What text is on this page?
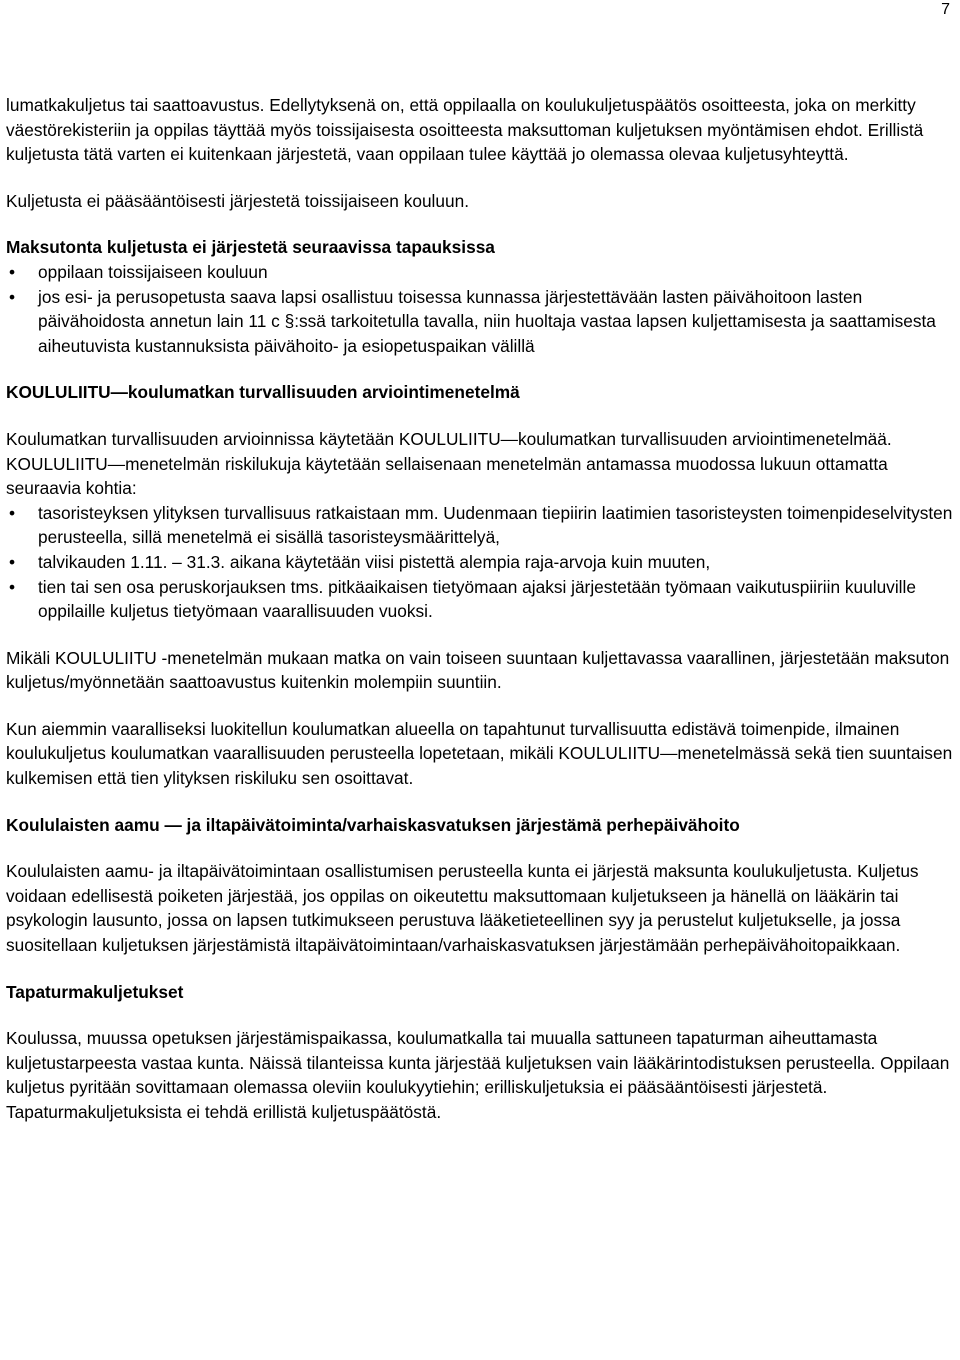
7

lumatkakuljetus tai saattoavustus. Edellytyksenä on, että oppilaalla on koulukuljetuspäätös osoitteesta, joka on merkitty väestörekisteriin ja oppilas täyttää myös toissijaisesta osoitteesta maksuttoman kuljetuksen myöntämisen ehdot. Erillistä kuljetusta tätä varten ei kuitenkaan järjestetä, vaan oppilaan tulee käyttää jo olemassa olevaa kuljetusyhteyttä.

Kuljetusta ei pääsääntöisesti järjestetä toissijaiseen kouluun.

Maksutonta kuljetusta ei järjestetä seuraavissa tapauksissa

• oppilaan toissijaiseen kouluun
• jos esi- ja perusopetusta saava lapsi osallistuu toisessa kunnassa järjestettävään lasten päivähoitoon lasten päivähoidosta annetun lain 11 c §:ssä tarkoitetulla tavalla, niin huoltaja vastaa lapsen kuljettamisesta ja saattamisesta aiheutuvista kustannuksista päivähoito- ja esiopetuspaikan välillä

KOULULIITU—koulumatkan turvallisuuden arviointimenetelmä

Koulumatkan turvallisuuden arvioinnissa käytetään KOULULIITU—koulumatkan turvallisuuden arviointimenetelmää. KOULULIITU—menetelmän riskilukuja käytetään sellaisenaan menetelmän antamassa muodossa lukuun ottamatta seuraavia kohtia:

• tasoristeyksen ylityksen turvallisuus ratkaistaan mm. Uudenmaan tiepiirin laatimien tasoristeysten toimenpideselvitysten perusteella, sillä menetelmä ei sisällä tasoristeysmäärittelyä,
• talvikauden 1.11. – 31.3. aikana käytetään viisi pistettä alempia raja-arvoja kuin muuten,
• tien tai sen osa peruskorjauksen tms. pitkäaikaisen tietyömaan ajaksi järjestetään työmaan vaikutuspiiriin kuuluville oppilaille kuljetus tietyömaan vaarallisuuden vuoksi.

Mikäli KOULULIITU -menetelmän mukaan matka on vain toiseen suuntaan kuljettavassa vaarallinen, järjestetään maksuton kuljetus/myönnetään saattoavustus kuitenkin molempiin suuntiin.

Kun aiemmin vaaralliseksi luokitellun koulumatkan alueella on tapahtunut turvallisuutta edistävä toimenpide, ilmainen koulukuljetus koulumatkan vaarallisuuden perusteella lopetetaan, mikäli KOULULIITU—menetelmässä sekä tien suuntaisen kulkemisen että tien ylityksen riskiluku sen osoittavat.

Koululaisten aamu — ja iltapäivätoiminta/varhaiskasvatuksen järjestämä perhepäivähoito

Koululaisten aamu- ja iltapäivätoimintaan osallistumisen perusteella kunta ei järjestä maksunta koulukuljetusta. Kuljetus voidaan edellisestä poiketen järjestää, jos oppilas on oikeutettu maksuttomaan kuljetukseen ja hänellä on lääkärin tai psykologin lausunto, jossa on lapsen tutkimukseen perustuva lääketieteellinen syy ja perustelut kuljetukselle, ja jossa suositellaan kuljetuksen järjestämistä iltapäivätoimintaan/varhaiskasvatuksen järjestämään perhepäivähoitopaikkaan.

Tapaturmakuljetukset

Koulussa, muussa opetuksen järjestämispaikassa, koulumatkalla tai muualla sattuneen tapaturman aiheuttamasta kuljetustarpeesta vastaa kunta. Näissä tilanteissa kunta järjestää kuljetuksen vain lääkärintodistuksen perusteella. Oppilaan kuljetus pyritään sovittamaan olemassa oleviin koulukyytiehin; erilliskuljetuksia ei pääsääntöisesti järjestetä. Tapaturmakuljetuksista ei tehdä erillistä kuljetuspäätöstä.
